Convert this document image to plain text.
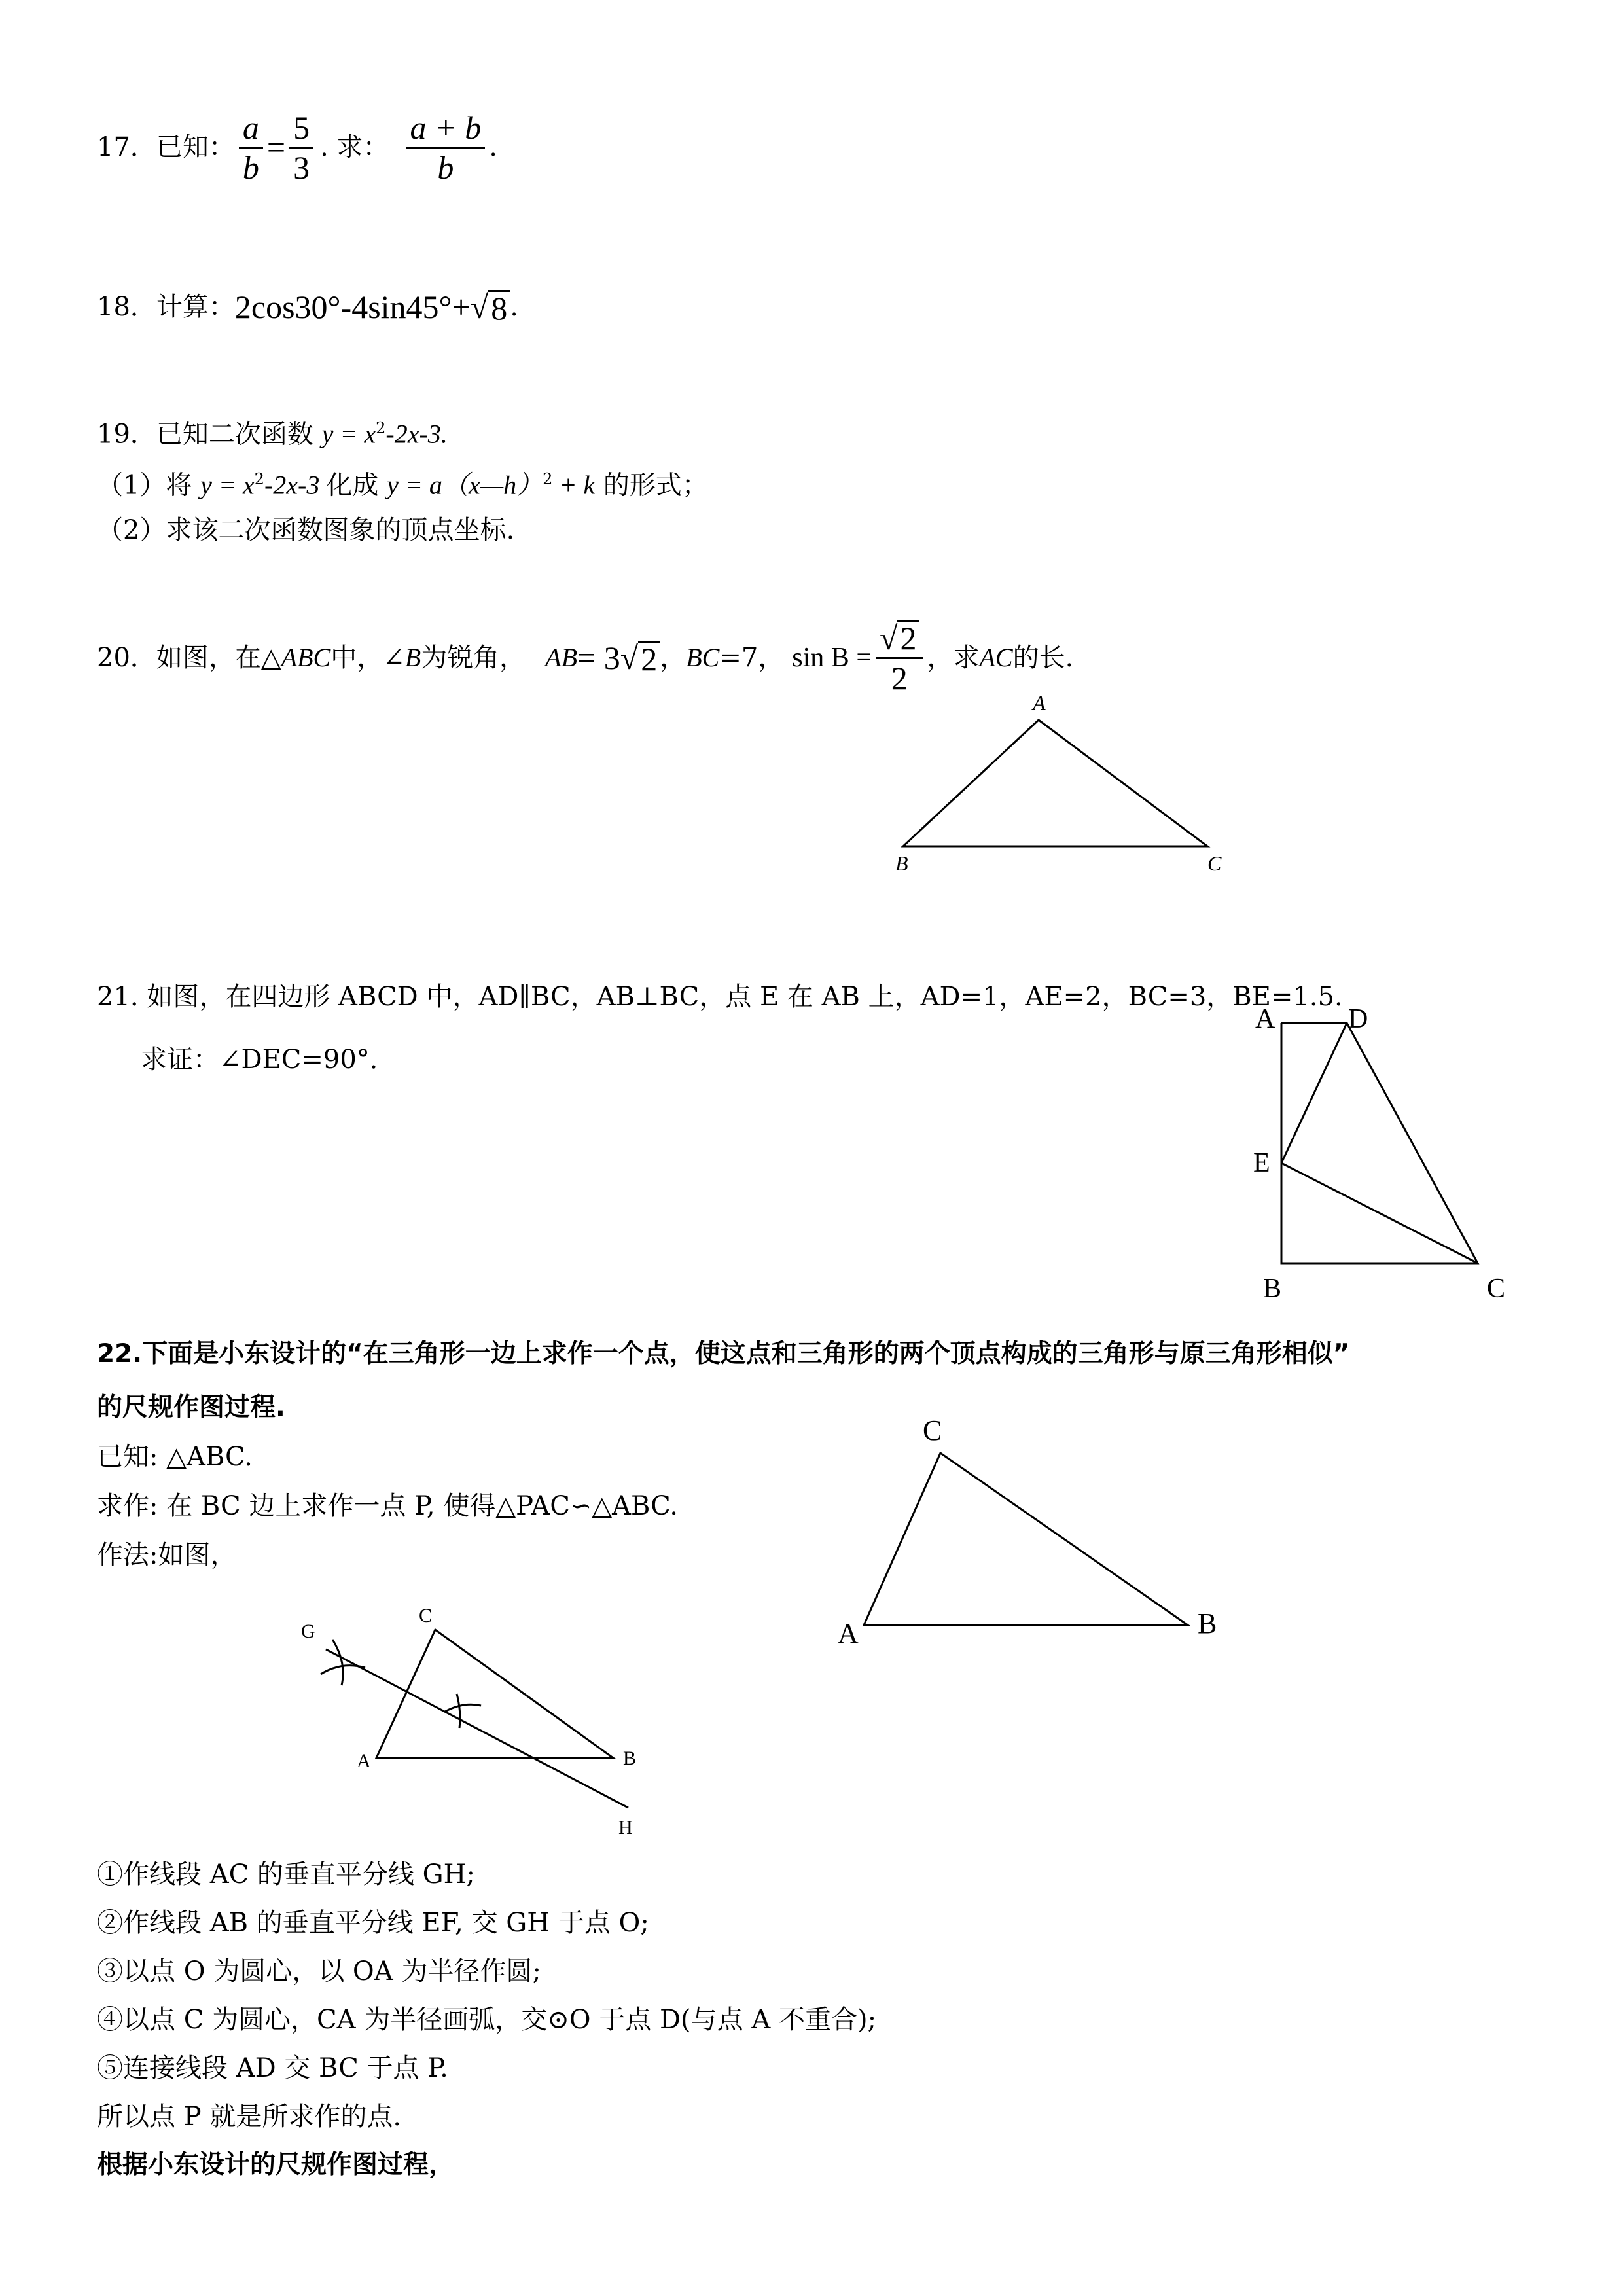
17． 已知： $\frac{a}{b} = \frac{5}{3}$ . 求： $\frac{a + b}{b}$ .
18． 计算： 2cos30°-4sin45°+ √ 8 .
19．已知二次函数 $y = x^2-2x-3$.
（1）将 $y = x^2-2x-3$ 化成 y = a（x—h）$^2$ + k 的形式；
（2）求该二次函数图象的顶点坐标.
20． 如图，在△ ABC 中，∠ B 为锐角， AB = 3 √ 2 ， BC =7， $\sin B = \frac{√2}{2}$ ，求 AC 的长.
A
B	C
21. 如图，在四边形 ABCD 中，AD∥BC，AB⊥BC，点 E 在 AB 上，AD=1，AE=2，BC=3，BE=1.5.
求证：∠DEC=90°．
A	D
E
B	C
22.下面是小东设计的“在三角形一边上求作一个点，使这点和三角形的两个顶点构成的三角形与原三角形相似”
的尺规作图过程.
已知: △ABC.
求作: 在 BC 边上求作一点 P, 使得△PAC∽△ABC.
作法:如图，
C
A	B
C
G
A	B
H
①作线段 AC 的垂直平分线 GH;
②作线段 AB 的垂直平分线 EF, 交 GH 于点 O;
③以点 O 为圆心，以 OA 为半径作圆;
④以点 C 为圆心，CA 为半径画弧，交⊙O 于点 D(与点 A 不重合);
⑤连接线段 AD 交 BC 于点 P.
所以点 P 就是所求作的点.
根据小东设计的尺规作图过程，
